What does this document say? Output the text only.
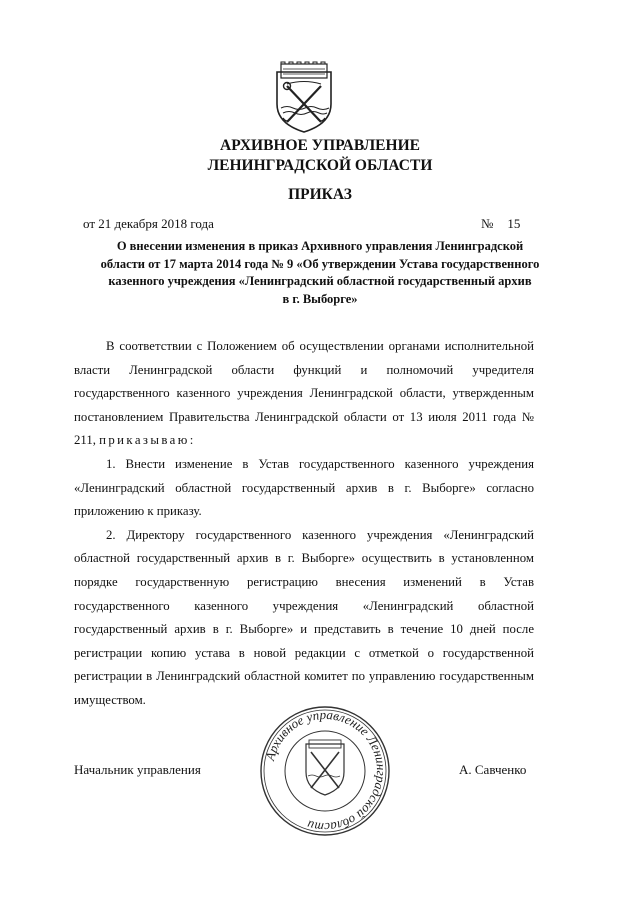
АРХИВНОЕ УПРАВЛЕНИЕ
ЛЕНИНГРАДСКОЙ ОБЛАСТИ
ПРИКАЗ
от 21 декабря 2018 года	№ 15
О внесении изменения в приказ Архивного управления Ленинградской
области от 17 марта 2014 года № 9 «Об утверждении Устава государственного
казенного учреждения «Ленинградский областной государственный архив
в г. Выборге»

В соответствии с Положением об осуществлении органами исполнительной власти Ленинградской области функций и полномочий учредителя государственного казенного учреждения Ленинградской области, утвержденным постановлением Правительства Ленинградской области от 13 июля 2011 года № 211, приказываю:

1. Внести изменение в Устав государственного казенного учреждения «Ленинградский областной государственный архив в г. Выборге» согласно приложению к приказу.

2. Директору государственного казенного учреждения «Ленинградский областной государственный архив в г. Выборге» осуществить в установленном порядке государственную регистрацию внесения изменений в Устав государственного казенного учреждения «Ленинградский областной государственный архив в г. Выборге» и представить в течение 10 дней после регистрации копию устава в новой редакции с отметкой о государственной регистрации в Ленинградский областной комитет по управлению государственным имуществом.

Начальник управления	А. Савченко
Архивное управление Ленинградской области
